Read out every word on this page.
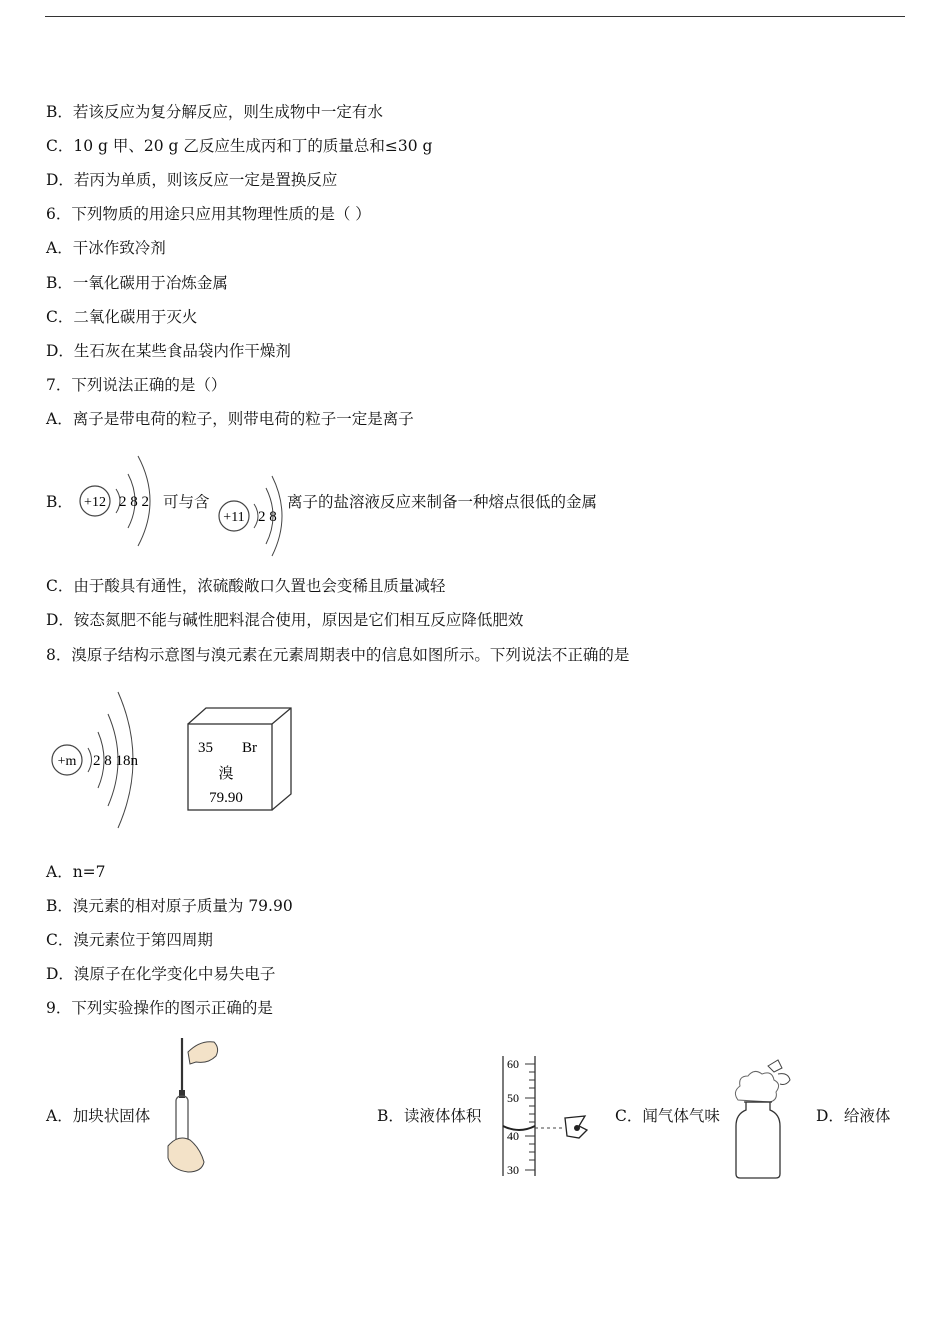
B．若该反应为复分解反应，则生成物中一定有水
C．10 g 甲、20 g 乙反应生成丙和丁的质量总和≤30 g
D．若丙为单质，则该反应一定是置换反应
6．下列物质的用途只应用其物理性质的是（ ）
A．干冰作致冷剂
B．一氧化碳用于冶炼金属
C．二氧化碳用于灭火
D．生石灰在某些食品袋内作干燥剂
7．下列说法正确的是（）
A．离子是带电荷的粒子，则带电荷的粒子一定是离子
B． +12 2 8 2 可与含
+11 2 8
离子的盐溶液反应来制备一种熔点很低的金属
C．由于酸具有通性，浓硫酸敞口久置也会变稀且质量减轻
D．铵态氮肥不能与碱性肥料混合使用，原因是它们相互反应降低肥效
8．溴原子结构示意图与溴元素在元素周期表中的信息如图所示。下列说法不正确的是
+m 2 8 18n
35 Br
溴
79.90
A．n=7
B．溴元素的相对原子质量为 79.90
C．溴元素位于第四周期
D．溴原子在化学变化中易失电子
9．下列实验操作的图示正确的是
A．加块状固体	B．读液体体积
60
50
40
30
C．闻气体气味	D．给液体
